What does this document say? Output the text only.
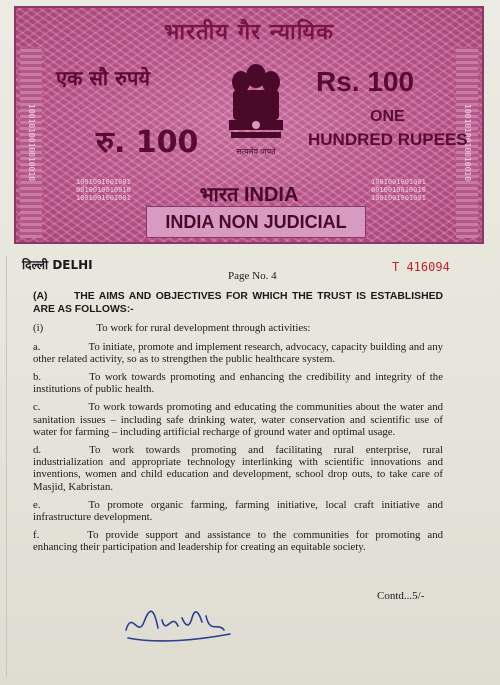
1001010010010010	1001010010010010
भारतीय गैर न्यायिक
एक सौ रुपये	Rs. 100
रु. 100
ONE
HUNDRED RUPEES
सत्यमेव जयते
1001001001001
0010010010010
1001001001001
1001001001001
0010010010010
1001001001001
भारत INDIA
INDIA NON JUDICIAL
दिल्ली DELHI	T 416094
Page No. 4

(A)	THE AIMS AND OBJECTIVES FOR WHICH THE TRUST IS ESTABLISHED ARE AS FOLLOWS:-

(i)	To work for rural development through activities:

a.	To initiate, promote and implement research, advocacy, capacity building and any other related activity, so as to strengthen the public healthcare system.

b.	To work towards promoting and enhancing the credibility and integrity of the institutions of public health.

c.	To work towards promoting and educating the communities about the water and sanitation issues – including safe drinking water, water conservation and scientific use of water for farming – including artificial recharge of ground water and optimal usage.

d.	To work towards promoting and facilitating rural enterprise, rural industrialization and appropriate technology interlinking with scientific innovations and inventions, women and child education and development, school drop outs, to take care of Masjid, Kabristan.

e.	To promote organic farming, farming initiative, local craft initiative and infrastructure development.

f.	To provide support and assistance to the communities for promoting and enhancing their participation and leadership for creating an equitable society.

Contd...5/-
